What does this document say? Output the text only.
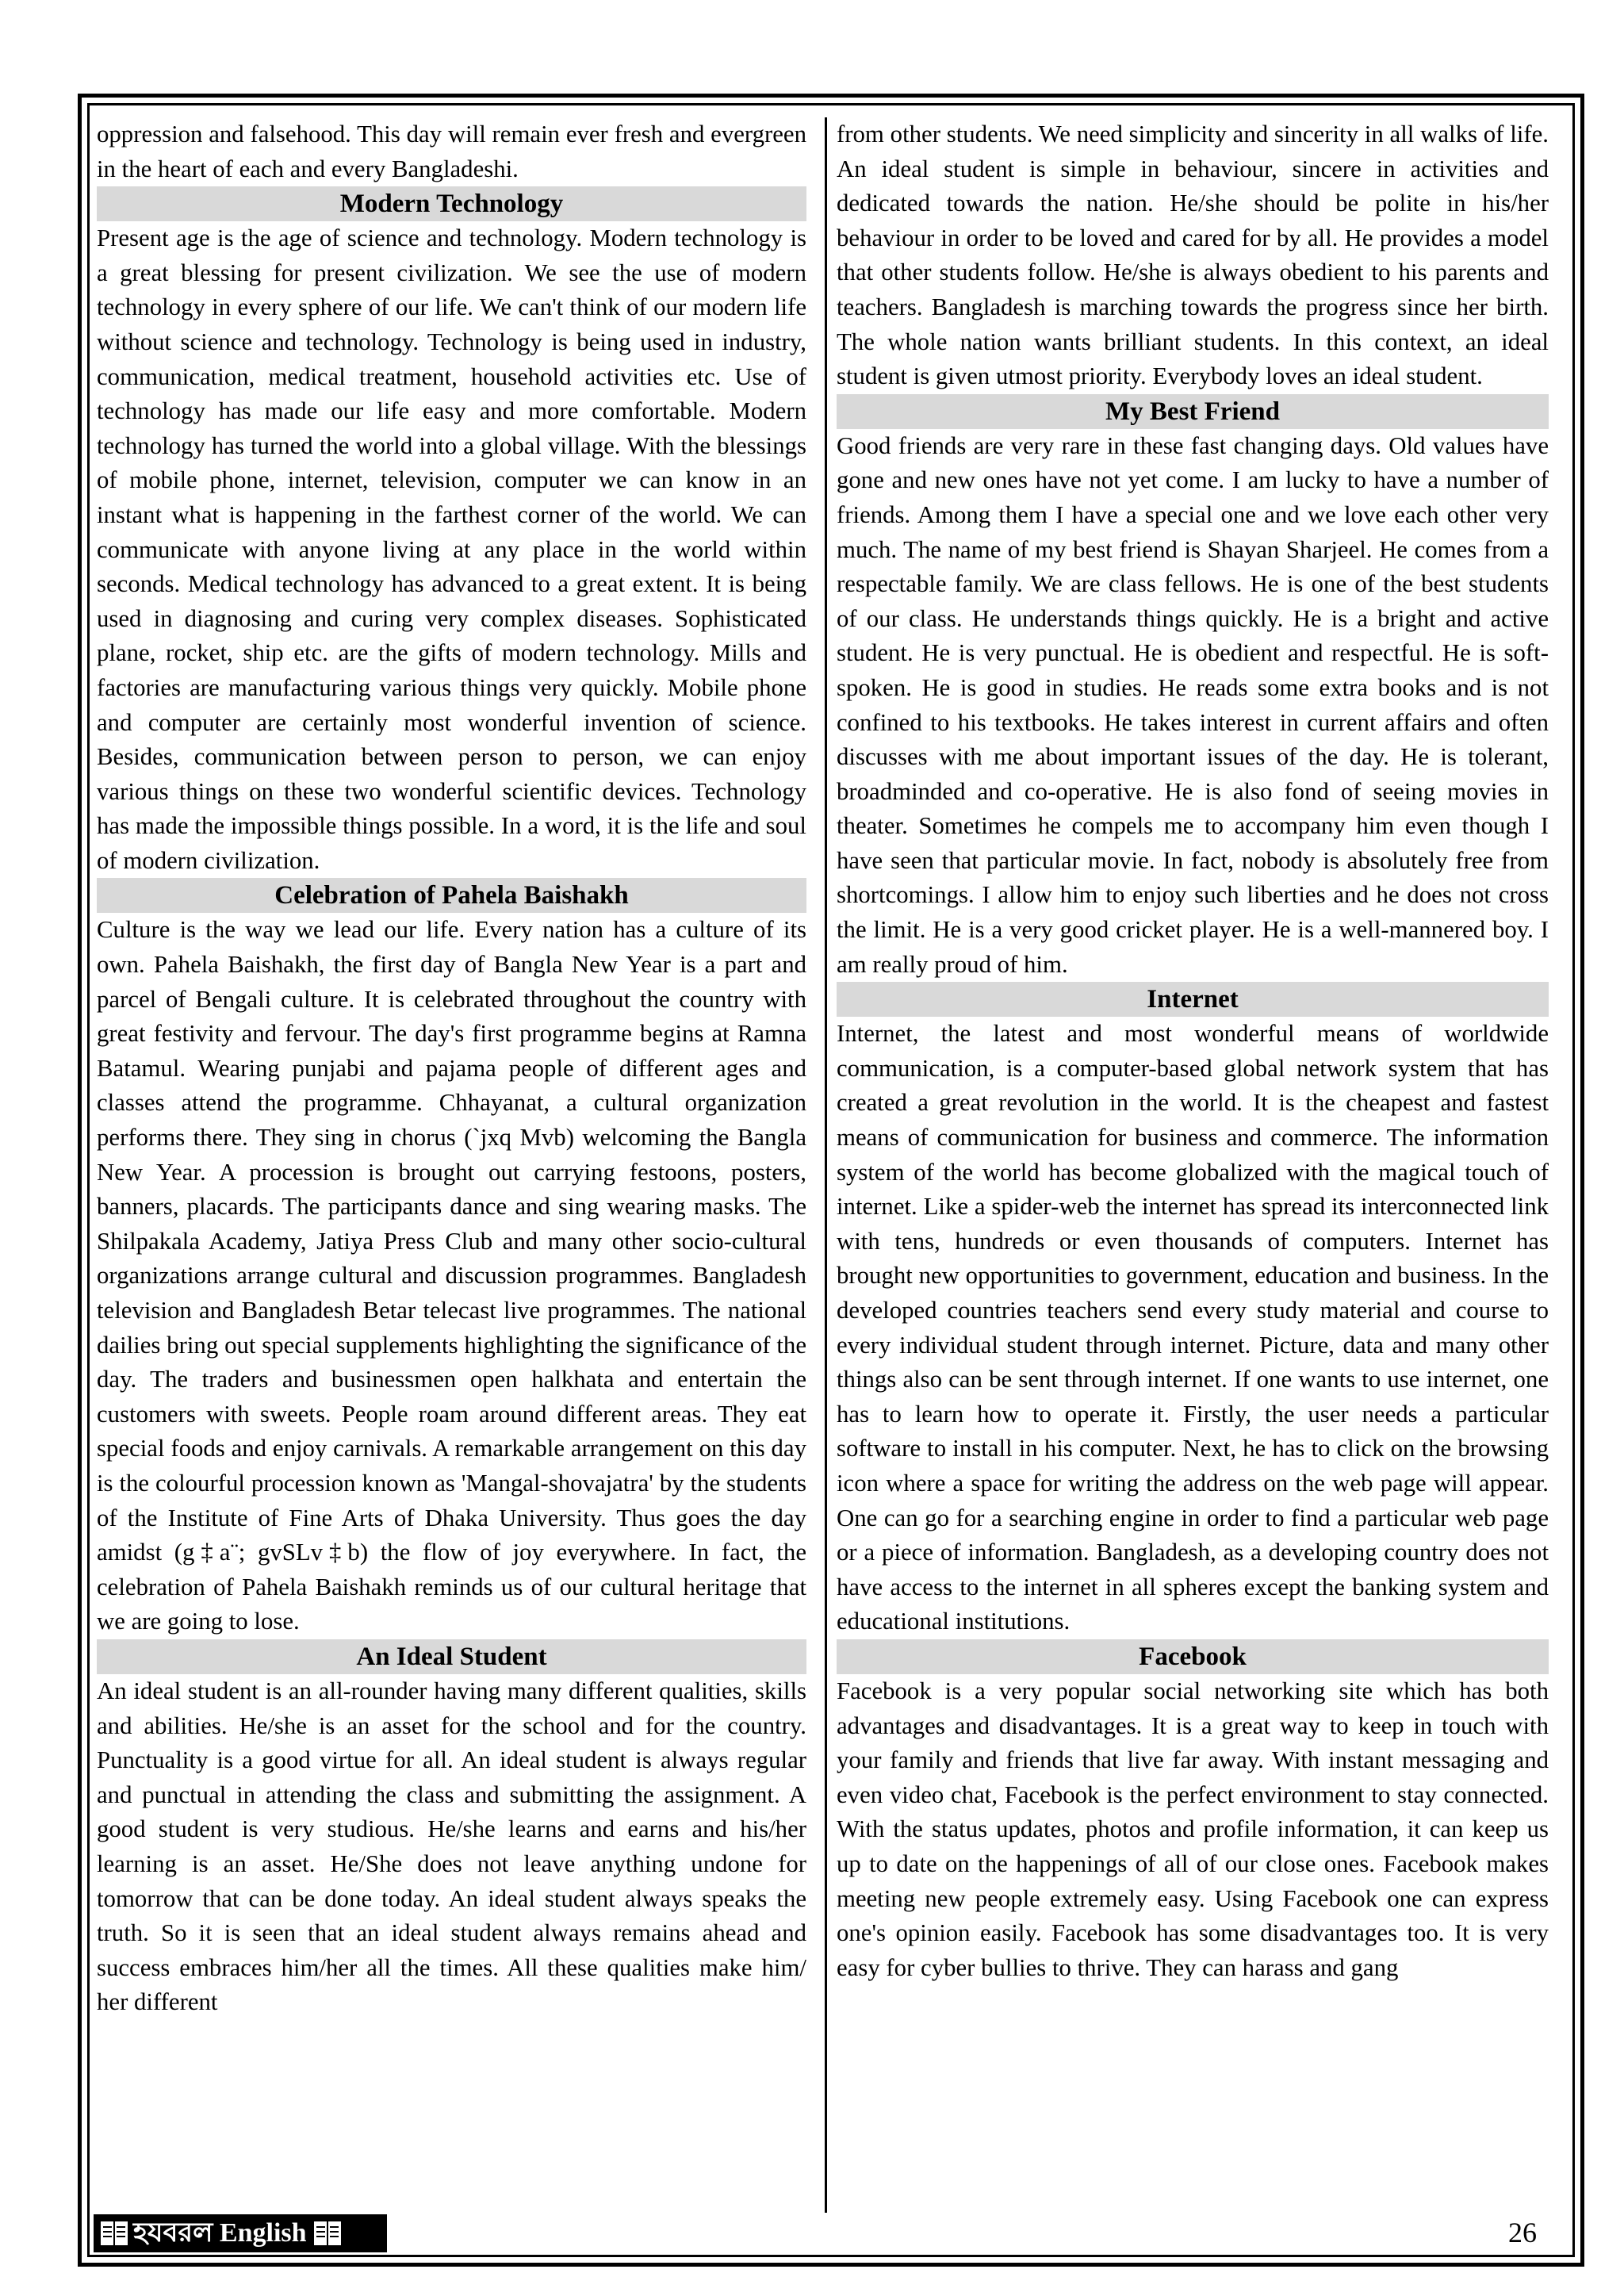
oppression and falsehood. This day will remain ever fresh and evergreen in the heart of each and every Bangladeshi.

Modern Technology

Present age is the age of science and technology. Modern technology is a great blessing for present civilization. We see the use of modern technology in every sphere of our life. We can't think of our modern life without science and technology. Technology is being used in industry, communication, medical treatment, household activities etc. Use of technology has made our life easy and more comfortable. Modern technology has turned the world into a global village. With the blessings of mobile phone, internet, television, computer we can know in an instant what is happening in the farthest corner of the world. We can communicate with anyone living at any place in the world within seconds. Medical technology has advanced to a great extent. It is being used in diagnosing and curing very complex diseases. Sophisticated plane, rocket, ship etc. are the gifts of modern technology. Mills and factories are manufacturing various things very quickly. Mobile phone and computer are certainly most wonderful invention of science. Besides, communication between person to person, we can enjoy various things on these two wonderful scientific devices. Technology has made the impossible things possible. In a word, it is the life and soul of modern civilization.

Celebration of Pahela Baishakh

Culture is the way we lead our life. Every nation has a culture of its own. Pahela Baishakh, the first day of Bangla New Year is a part and parcel of Bengali culture. It is celebrated throughout the country with great festivity and fervour. The day's first programme begins at Ramna Batamul. Wearing punjabi and pajama people of different ages and classes attend the programme. Chhayanat, a cultural organization performs there. They sing in chorus (`jxq Mvb) welcoming the Bangla New Year. A procession is brought out carrying festoons, posters, banners, placards. The participants dance and sing wearing masks. The Shilpakala Academy, Jatiya Press Club and many other socio-cultural organizations arrange cultural and discussion programmes. Bangladesh television and Bangladesh Betar telecast live programmes. The national dailies bring out special supplements highlighting the significance of the day. The traders and businessmen open halkhata and entertain the customers with sweets. People roam around different areas. They eat special foods and enjoy carnivals. A remarkable arrangement on this day is the colourful procession known as 'Mangal-shovajatra' by the students of the Institute of Fine Arts of Dhaka University. Thus goes the day amidst (g‡a¨; gvSLv‡b) the flow of joy everywhere. In fact, the celebration of Pahela Baishakh reminds us of our cultural heritage that we are going to lose.

An Ideal Student

An ideal student is an all-rounder having many different qualities, skills and abilities. He/she is an asset for the school and for the country. Punctuality is a good virtue for all. An ideal student is always regular and punctual in attending the class and submitting the assignment. A good student is very studious. He/she learns and earns and his/her learning is an asset. He/She does not leave anything undone for tomorrow that can be done today. An ideal student always speaks the truth. So it is seen that an ideal student always remains ahead and success embraces him/her all the times. All these qualities make him/ her different

from other students. We need simplicity and sincerity in all walks of life. An ideal student is simple in behaviour, sincere in activities and dedicated towards the nation. He/she should be polite in his/her behaviour in order to be loved and cared for by all. He provides a model that other students follow. He/she is always obedient to his parents and teachers. Bangladesh is marching towards the progress since her birth. The whole nation wants brilliant students. In this context, an ideal student is given utmost priority. Everybody loves an ideal student.

My Best Friend

Good friends are very rare in these fast changing days. Old values have gone and new ones have not yet come. I am lucky to have a number of friends. Among them I have a special one and we love each other very much. The name of my best friend is Shayan Sharjeel. He comes from a respectable family. We are class fellows. He is one of the best students of our class. He understands things quickly. He is a bright and active student. He is very punctual. He is obedient and respectful. He is soft-spoken. He is good in studies. He reads some extra books and is not confined to his textbooks. He takes interest in current affairs and often discusses with me about important issues of the day. He is tolerant, broadminded and co-operative. He is also fond of seeing movies in theater. Sometimes he compels me to accompany him even though I have seen that particular movie. In fact, nobody is absolutely free from shortcomings. I allow him to enjoy such liberties and he does not cross the limit. He is a very good cricket player. He is a well-mannered boy. I am really proud of him.

Internet

Internet, the latest and most wonderful means of worldwide communication, is a computer-based global network system that has created a great revolution in the world. It is the cheapest and fastest means of communication for business and commerce. The information system of the world has become globalized with the magical touch of internet. Like a spider-web the internet has spread its interconnected link with tens, hundreds or even thousands of computers. Internet has brought new opportunities to government, education and business. In the developed countries teachers send every study material and course to every individual student through internet. Picture, data and many other things also can be sent through internet. If one wants to use internet, one has to learn how to operate it. Firstly, the user needs a particular software to install in his computer. Next, he has to click on the browsing icon where a space for writing the address on the web page will appear. One can go for a searching engine in order to find a particular web page or a piece of information. Bangladesh, as a developing country does not have access to the internet in all spheres except the banking system and educational institutions.

Facebook

Facebook is a very popular social networking site which has both advantages and disadvantages. It is a great way to keep in touch with your family and friends that live far away. With instant messaging and even video chat, Facebook is the perfect environment to stay connected. With the status updates, photos and profile information, it can keep us up to date on the happenings of all of our close ones. Facebook makes meeting new people extremely easy. Using Facebook one can express one's opinion easily. Facebook has some disadvantages too. It is very easy for cyber bullies to thrive. They can harass and gang

হযবরল English	26
